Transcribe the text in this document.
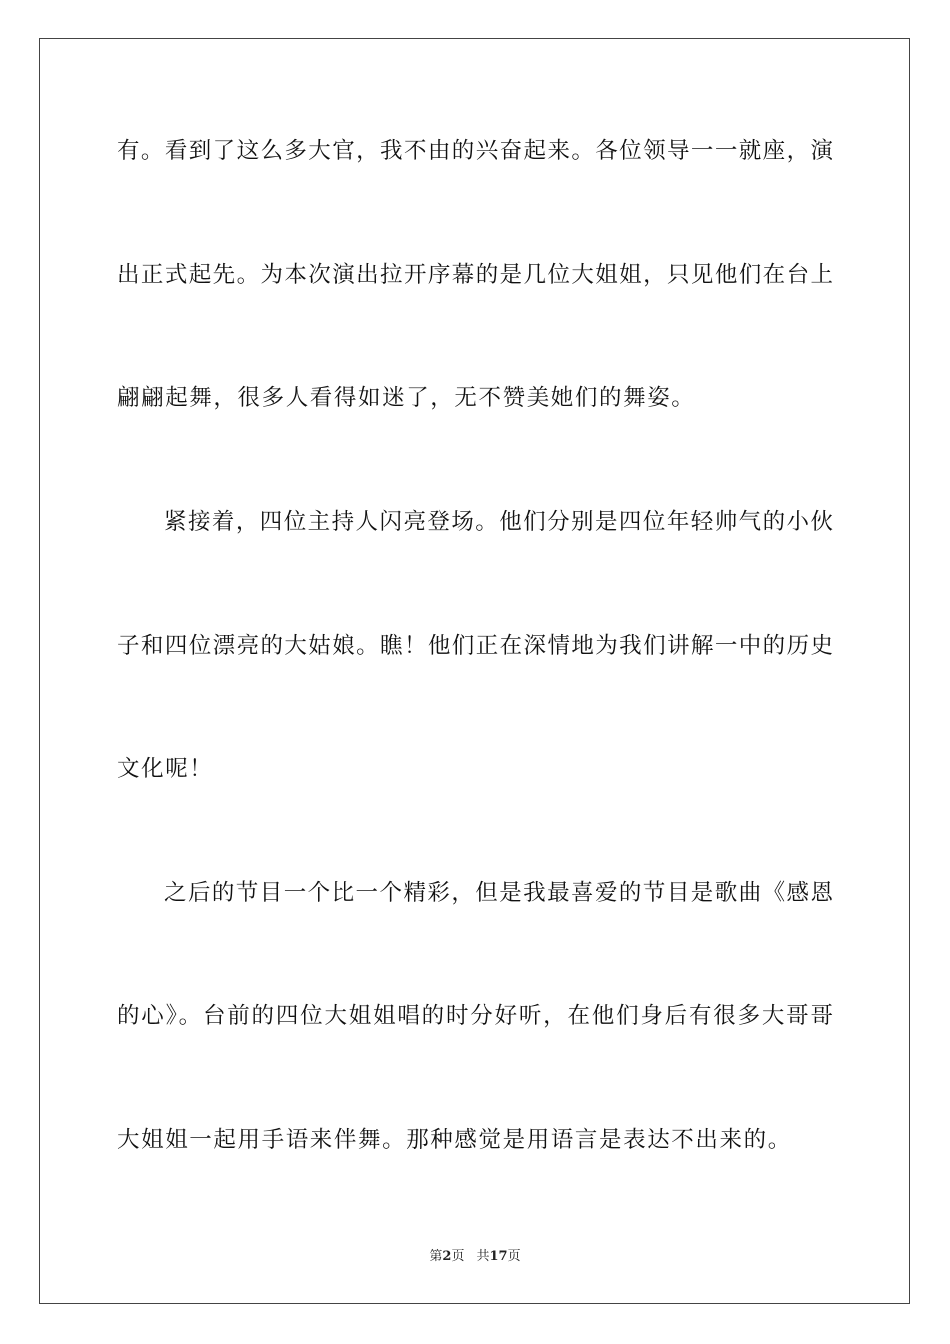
有。看到了这么多大官，我不由的兴奋起来。各位领导一一就座，演
出正式起先。为本次演出拉开序幕的是几位大姐姐，只见他们在台上
翩翩起舞，很多人看得如迷了，无不赞美她们的舞姿。
紧接着，四位主持人闪亮登场。他们分别是四位年轻帅气的小伙
子和四位漂亮的大姑娘。瞧！他们正在深情地为我们讲解一中的历史
文化呢！
之后的节目一个比一个精彩，但是我最喜爱的节目是歌曲《感恩
的心》。台前的四位大姐姐唱的时分好听，在他们身后有很多大哥哥
大姐姐一起用手语来伴舞。那种感觉是用语言是表达不出来的。
第2页 共17页
